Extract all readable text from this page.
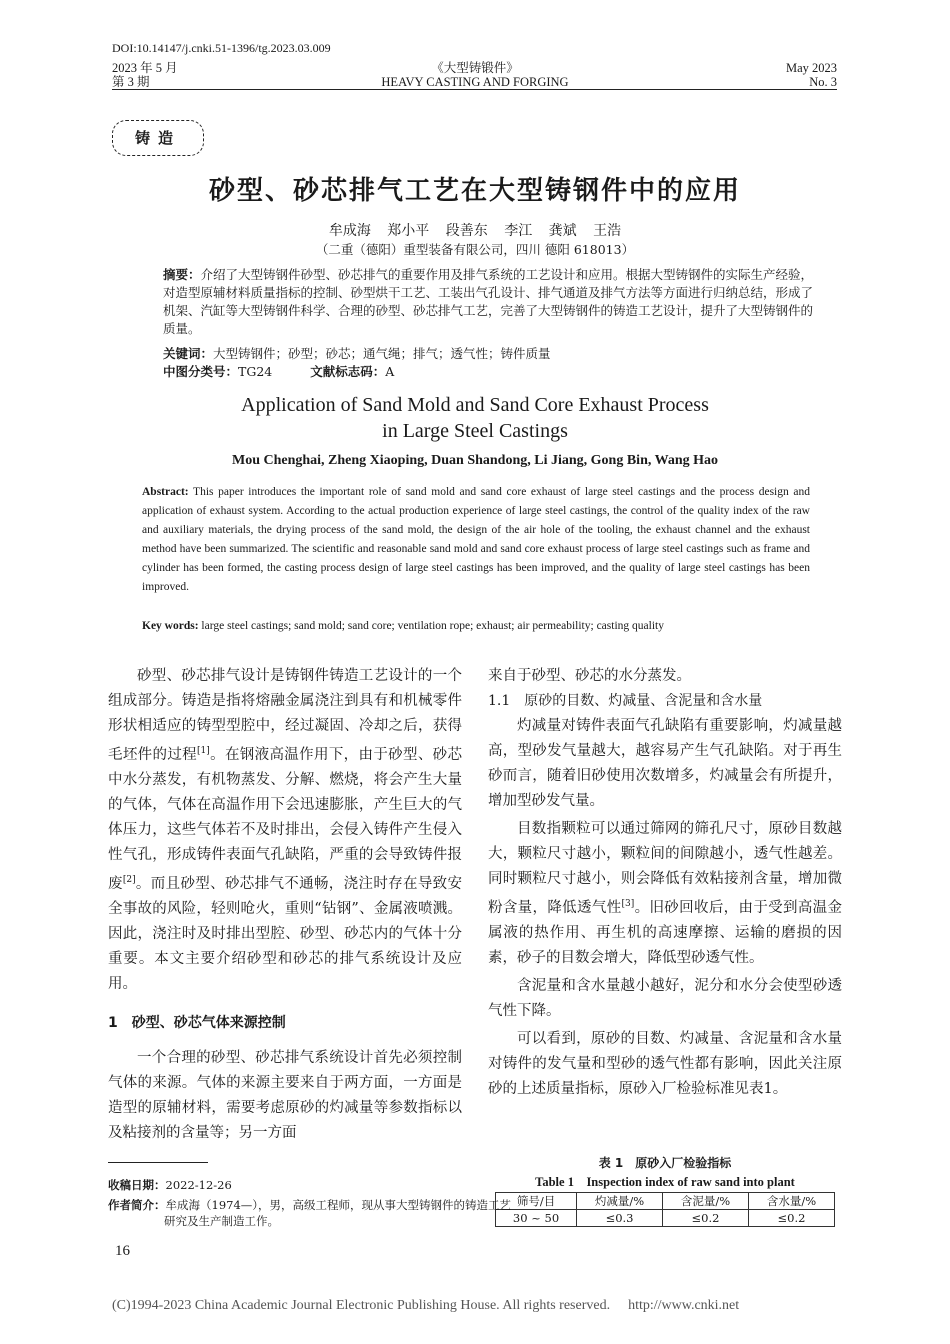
DOI:10.14147/j.cnki.51-1396/tg.2023.03.009
2023 年 5 月
第 3 期
《大型铸锻件》
HEAVY CASTING AND FORGING
May 2023
No. 3
铸造
砂型、砂芯排气工艺在大型铸钢件中的应用
牟成海 郑小平 段善东 李江 龚斌 王浩
（二重（德阳）重型装备有限公司，四川 德阳 618013）
摘要：介绍了大型铸钢件砂型、砂芯排气的重要作用及排气系统的工艺设计和应用。根据大型铸钢件的实际生产经验，对造型原辅材料质量指标的控制、砂型烘干工艺、工装出气孔设计、排气通道及排气方法等方面进行归纳总结，形成了机架、汽缸等大型铸钢件科学、合理的砂型、砂芯排气工艺，完善了大型铸钢件的铸造工艺设计，提升了大型铸钢件的质量。
关键词：大型铸钢件；砂型；砂芯；通气绳；排气；透气性；铸件质量
中图分类号：TG24	文献标志码：A
Application of Sand Mold and Sand Core Exhaust Process
in Large Steel Castings
Mou Chenghai, Zheng Xiaoping, Duan Shandong, Li Jiang, Gong Bin, Wang Hao
Abstract: This paper introduces the important role of sand mold and sand core exhaust of large steel castings and the process design and application of exhaust system. According to the actual production experience of large steel castings, the control of the quality index of the raw and auxiliary materials, the drying process of the sand mold, the design of the air hole of the tooling, the exhaust channel and the exhaust method have been summarized. The scientific and reasonable sand mold and sand core exhaust process of large steel castings such as frame and cylinder has been formed, the casting process design of large steel castings has been improved, and the quality of large steel castings has been improved.
Key words: large steel castings; sand mold; sand core; ventilation rope; exhaust; air permeability; casting quality

砂型、砂芯排气设计是铸钢件铸造工艺设计的一个组成部分。铸造是指将熔融金属浇注到具有和机械零件形状相适应的铸型型腔中，经过凝固、冷却之后，获得毛坯件的过程[1]。在钢液高温作用下，由于砂型、砂芯中水分蒸发，有机物蒸发、分解、燃烧，将会产生大量的气体，气体在高温作用下会迅速膨胀，产生巨大的气体压力，这些气体若不及时排出，会侵入铸件产生侵入性气孔，形成铸件表面气孔缺陷，严重的会导致铸件报废[2]。而且砂型、砂芯排气不通畅，浇注时存在导致安全事故的风险，轻则呛火，重则“钻钢”、金属液喷溅。因此，浇注时及时排出型腔、砂型、砂芯内的气体十分重要。本文主要介绍砂型和砂芯的排气系统设计及应用。

1　砂型、砂芯气体来源控制

一个合理的砂型、砂芯排气系统设计首先必须控制气体的来源。气体的来源主要来自于两方面，一方面是造型的原辅材料，需要考虑原砂的灼减量等参数指标以及粘接剂的含量等；另一方面

来自于砂型、砂芯的水分蒸发。

1.1　原砂的目数、灼减量、含泥量和含水量

灼减量对铸件表面气孔缺陷有重要影响，灼减量越高，型砂发气量越大，越容易产生气孔缺陷。对于再生砂而言，随着旧砂使用次数增多，灼减量会有所提升，增加型砂发气量。

目数指颗粒可以通过筛网的筛孔尺寸，原砂目数越大，颗粒尺寸越小，颗粒间的间隙越小，透气性越差。同时颗粒尺寸越小，则会降低有效粘接剂含量，增加微粉含量，降低透气性[3]。旧砂回收后，由于受到高温金属液的热作用、再生机的高速摩擦、运输的磨损的因素，砂子的目数会增大，降低型砂透气性。

含泥量和含水量越小越好，泥分和水分会使型砂透气性下降。

可以看到，原砂的目数、灼减量、含泥量和含水量对铸件的发气量和型砂的透气性都有影响，因此关注原砂的上述质量指标，原砂入厂检验标准见表1。

表 1　原砂入厂检验指标
Table 1　Inspection index of raw sand into plant
筛号/目	灼减量/%	含泥量/%	含水量/%
30 ~ 50	≤0.3	≤0.2	≤0.2
收稿日期：2022-12-26
作者简介：牟成海（1974—），男，高级工程师，现从事大型铸钢件的铸造工艺研究及生产制造工作。
16
(C)1994-2023 China Academic Journal Electronic Publishing House. All rights reserved. http://www.cnki.net
